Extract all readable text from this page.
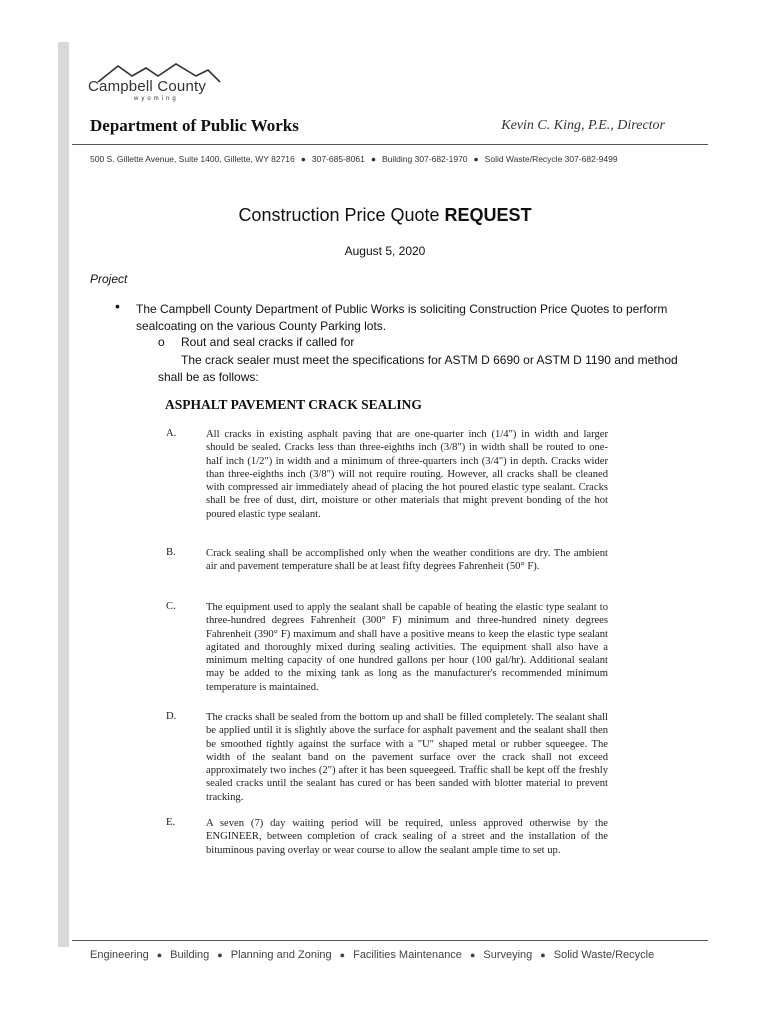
Campbell County
wyoming
Department of Public Works	Kevin C. King, P.E., Director
500 S. Gillette Avenue, Suite 1400, Gillette, WY 82716 ● 307-685-8061 ● Building 307-682-1970 ● Solid Waste/Recycle 307-682-9499
Construction Price Quote REQUEST
August 5, 2020
Project
• The Campbell County Department of Public Works is soliciting Construction Price Quotes to perform sealcoating on the various County Parking lots.
o Rout and seal cracks if called for
The crack sealer must meet the specifications for ASTM D 6690 or ASTM D 1190 and method shall be as follows:
ASPHALT PAVEMENT CRACK SEALING
A.	All cracks in existing asphalt paving that are one-quarter inch (1/4") in width and larger should be sealed. Cracks less than three-eighths inch (3/8") in width shall be routed to one-half inch (1/2") in width and a minimum of three-quarters inch (3/4") in depth. Cracks wider than three-eighths inch (3/8") will not require routing. However, all cracks shall be cleaned with compressed air immediately ahead of placing the hot poured elastic type sealant. Cracks shall be free of dust, dirt, moisture or other materials that might prevent bonding of the hot poured elastic type sealant.
B.	Crack sealing shall be accomplished only when the weather conditions are dry. The ambient air and pavement temperature shall be at least fifty degrees Fahrenheit (50° F).
C.	The equipment used to apply the sealant shall be capable of heating the elastic type sealant to three-hundred degrees Fahrenheit (300° F) minimum and three-hundred ninety degrees Fahrenheit (390° F) maximum and shall have a positive means to keep the elastic type sealant agitated and thoroughly mixed during sealing activities. The equipment shall also have a minimum melting capacity of one hundred gallons per hour (100 gal/hr). Additional sealant may be added to the mixing tank as long as the manufacturer's recommended minimum temperature is maintained.
D.	The cracks shall be sealed from the bottom up and shall be filled completely. The sealant shall be applied until it is slightly above the surface for asphalt pavement and the sealant shall then be smoothed tightly against the surface with a "U" shaped metal or rubber squeegee. The width of the sealant band on the pavement surface over the crack shall not exceed approximately two inches (2") after it has been squeegeed. Traffic shall be kept off the freshly sealed cracks until the sealant has cured or has been sanded with blotter material to prevent tracking.
E.	A seven (7) day waiting period will be required, unless approved otherwise by the ENGINEER, between completion of crack sealing of a street and the installation of the bituminous paving overlay or wear course to allow the sealant ample time to set up.
Engineering ● Building ● Planning and Zoning ● Facilities Maintenance ● Surveying ● Solid Waste/Recycle
